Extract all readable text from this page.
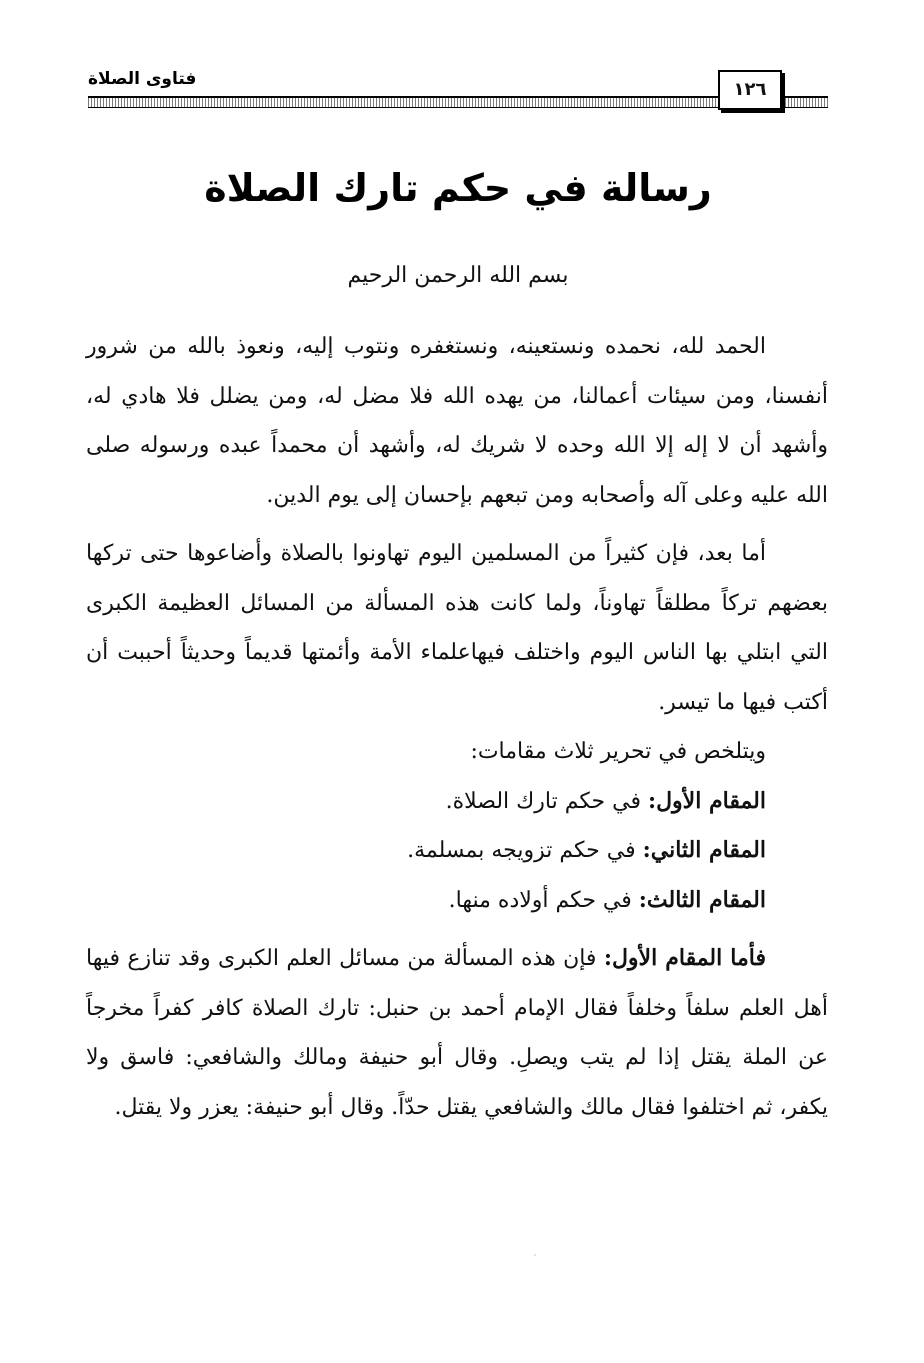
فتاوى الصلاة	١٢٦
رسالة في حكم تارك الصلاة
بسم الله الرحمن الرحيم

الحمد لله، نحمده ونستعينه، ونستغفره ونتوب إليه، ونعوذ بالله من شرور أنفسنا، ومن سيئات أعمالنا، من يهده الله فلا مضل له، ومن يضلل فلا هادي له، وأشهد أن لا إله إلا الله وحده لا شريك له، وأشهد أن محمداً عبده ورسوله صلى الله عليه وعلى آله وأصحابه ومن تبعهم بإحسان إلى يوم الدين.

أما بعد، فإن كثيراً من المسلمين اليوم تهاونوا بالصلاة وأضاعوها حتى تركها بعضهم تركاً مطلقاً تهاوناً، ولما كانت هذه المسألة من المسائل العظيمة الكبرى التي ابتلي بها الناس اليوم واختلف فيهاعلماء الأمة وأئمتها قديماً وحديثاً أحببت أن أكتب فيها ما تيسر.

ويتلخص في تحرير ثلاث مقامات:

المقام الأول: في حكم تارك الصلاة.

المقام الثاني: في حكم تزويجه بمسلمة.

المقام الثالث: في حكم أولاده منها.

فأما المقام الأول: فإن هذه المسألة من مسائل العلم الكبرى وقد تنازع فيها أهل العلم سلفاً وخلفاً فقال الإمام أحمد بن حنبل: تارك الصلاة كافر كفراً مخرجاً عن الملة يقتل إذا لم يتب ويصلِ. وقال أبو حنيفة ومالك والشافعي: فاسق ولا يكفر، ثم اختلفوا فقال مالك والشافعي يقتل حدّاً. وقال أبو حنيفة: يعزر ولا يقتل.
